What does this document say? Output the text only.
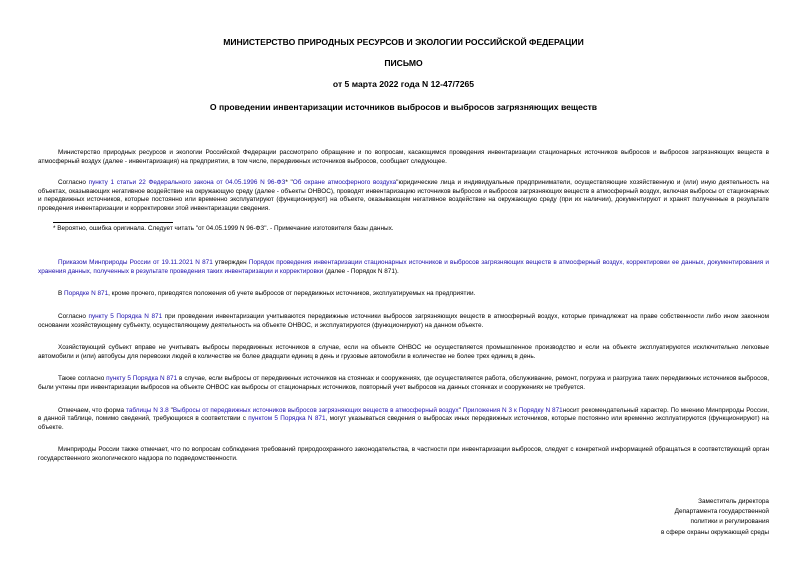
МИНИСТЕРСТВО ПРИРОДНЫХ РЕСУРСОВ И ЭКОЛОГИИ РОССИЙСКОЙ ФЕДЕРАЦИИ
ПИСЬМО
от 5 марта 2022 года N 12-47/7265
О проведении инвентаризации источников выбросов и выбросов загрязняющих веществ

Министерство природных ресурсов и экологии Российской Федерации рассмотрело обращение и по вопросам, касающимся проведения инвентаризации стационарных источников выбросов и выбросов загрязняющих веществ в атмосферный воздух (далее - инвентаризация) на предприятии, в том числе, передвижных источников выбросов, сообщает следующее.

Согласно пункту 1 статьи 22 Федерального закона от 04.05.1996 N 96-ФЗ* "Об охране атмосферного воздуха"юридические лица и индивидуальные предприниматели, осуществляющие хозяйственную и (или) иную деятельность на объектах, оказывающих негативное воздействие на окружающую среду (далее - объекты ОНВОС), проводят инвентаризацию источников выбросов и выбросов загрязняющих веществ в атмосферный воздух, включая выбросы от стационарных и передвижных источников, которые постоянно или временно эксплуатируют (функционируют) на объекте, оказывающем негативное воздействие на окружающую среду (при их наличии), документируют и хранят полученные в результате проведения инвентаризации и корректировки этой инвентаризации сведения.

* Вероятно, ошибка оригинала. Следует читать "от 04.05.1999 N 96-ФЗ". - Примечание изготовителя базы данных.

Приказом Минприроды России от 19.11.2021 N 871 утвержден Порядок проведения инвентаризации стационарных источников и выбросов загрязняющих веществ в атмосферный воздух, корректировки ее данных, документирования и хранения данных, полученных в результате проведения таких инвентаризации и корректировки (далее - Порядок N 871).

В Порядке N 871, кроме прочего, приводятся положения об учете выбросов от передвижных источников, эксплуатируемых на предприятии.

Согласно пункту 5 Порядка N 871 при проведении инвентаризации учитываются передвижные источники выбросов загрязняющих веществ в атмосферный воздух, которые принадлежат на праве собственности либо ином законном основании хозяйствующему субъекту, осуществляющему деятельность на объекте ОНВОС, и эксплуатируются (функционируют) на данном объекте.

Хозяйствующий субъект вправе не учитывать выбросы передвижных источников в случае, если на объекте ОНВОС не осуществляется промышленное производство и если на объекте эксплуатируются исключительно легковые автомобили и (или) автобусы для перевозки людей в количестве не более двадцати единиц в день и грузовые автомобили в количестве не более трех единиц в день.

Также согласно пункту 5 Порядка N 871 в случае, если выбросы от передвижных источников на стоянках и сооружениях, где осуществляется работа, обслуживание, ремонт, погрузка и разгрузка таких передвижных источников выбросов, были учтены при инвентаризации выбросов на объекте ОНВОС как выбросы от стационарных источников, повторный учет выбросов на данных стоянках и сооружениях не требуется.

Отмечаем, что форма таблицы N 3.8 "Выбросы от передвижных источников выбросов загрязняющих веществ в атмосферный воздух" Приложения N 3 к Порядку N 871носит рекомендательный характер. По мнению Минприроды России, в данной таблице, помимо сведений, требующихся в соответствии с пунктом 5 Порядка N 871, могут указываться сведения о выбросах иных передвижных источников, которые постоянно или временно эксплуатируются (функционируют) на объекте.

Минприроды России также отмечает, что по вопросам соблюдения требований природоохранного законодательства, в частности при инвентаризации выбросов, следует с конкретной информацией обращаться в соответствующий орган государственного экологического надзора по подведомственности.

Заместитель директора
Департамента государственной
политики и регулирования
в сфере охраны окружающей среды
